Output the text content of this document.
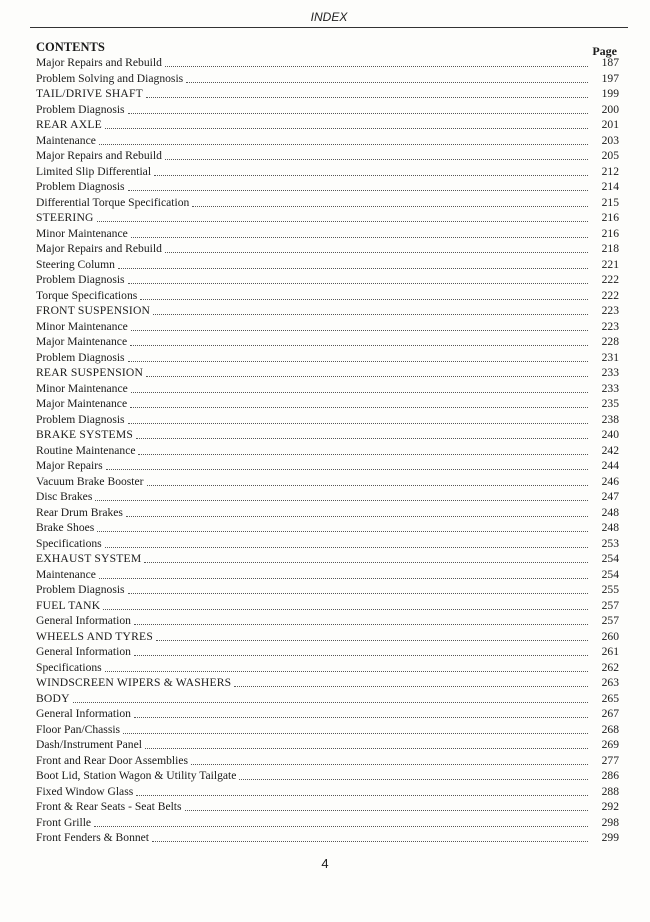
INDEX
CONTENTS	Page
Major Repairs and Rebuild	187
Problem Solving and Diagnosis	197
TAIL/DRIVE SHAFT	199
Problem Diagnosis	200
REAR AXLE	201
Maintenance	203
Major Repairs and Rebuild	205
Limited Slip Differential	212
Problem Diagnosis	214
Differential Torque Specification	215
STEERING	216
Minor Maintenance	216
Major Repairs and Rebuild	218
Steering Column	221
Problem Diagnosis	222
Torque Specifications	222
FRONT SUSPENSION	223
Minor Maintenance	223
Major Maintenance	228
Problem Diagnosis	231
REAR SUSPENSION	233
Minor Maintenance	233
Major Maintenance	235
Problem Diagnosis	238
BRAKE SYSTEMS	240
Routine Maintenance	242
Major Repairs	244
Vacuum Brake Booster	246
Disc Brakes	247
Rear Drum Brakes	248
Brake Shoes	248
Specifications	253
EXHAUST SYSTEM	254
Maintenance	254
Problem Diagnosis	255
FUEL TANK	257
General Information	257
WHEELS AND TYRES	260
General Information	261
Specifications	262
WINDSCREEN WIPERS & WASHERS	263
BODY	265
General Information	267
Floor Pan/Chassis	268
Dash/Instrument Panel	269
Front and Rear Door Assemblies	277
Boot Lid, Station Wagon & Utility Tailgate	286
Fixed Window Glass	288
Front & Rear Seats - Seat Belts	292
Front Grille	298
Front Fenders & Bonnet	299
4
